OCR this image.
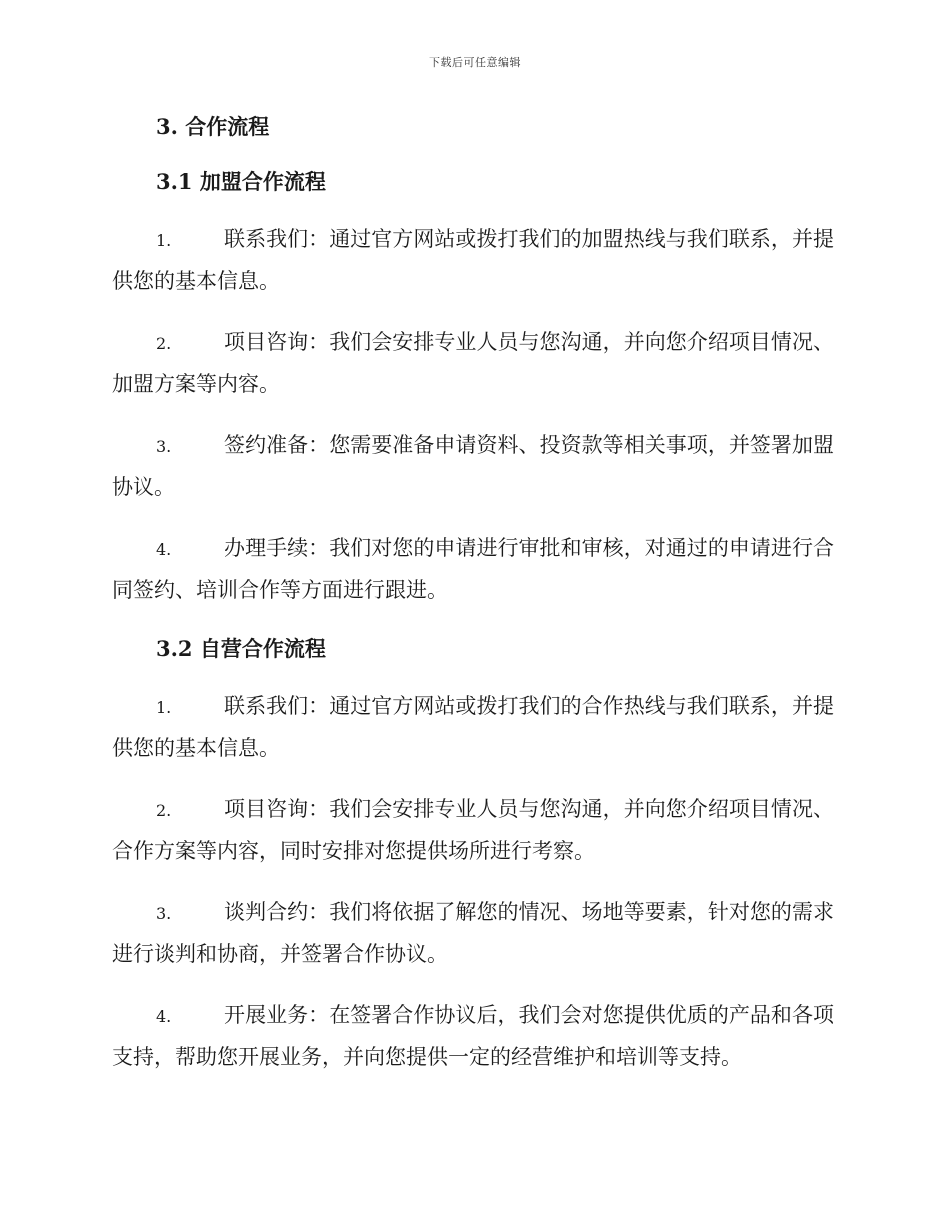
下载后可任意编辑
3. 合作流程
3.1 加盟合作流程

1.	联系我们：通过官方网站或拨打我们的加盟热线与我们联系，并提供您的基本信息。

2.	项目咨询：我们会安排专业人员与您沟通，并向您介绍项目情况、加盟方案等内容。

3.	签约准备：您需要准备申请资料、投资款等相关事项，并签署加盟协议。

4.	办理手续：我们对您的申请进行审批和审核，对通过的申请进行合同签约、培训合作等方面进行跟进。

3.2 自营合作流程

1.	联系我们：通过官方网站或拨打我们的合作热线与我们联系，并提供您的基本信息。

2.	项目咨询：我们会安排专业人员与您沟通，并向您介绍项目情况、合作方案等内容，同时安排对您提供场所进行考察。

3.	谈判合约：我们将依据了解您的情况、场地等要素，针对您的需求进行谈判和协商，并签署合作协议。

4.	开展业务：在签署合作协议后，我们会对您提供优质的产品和各项支持，帮助您开展业务，并向您提供一定的经营维护和培训等支持。
